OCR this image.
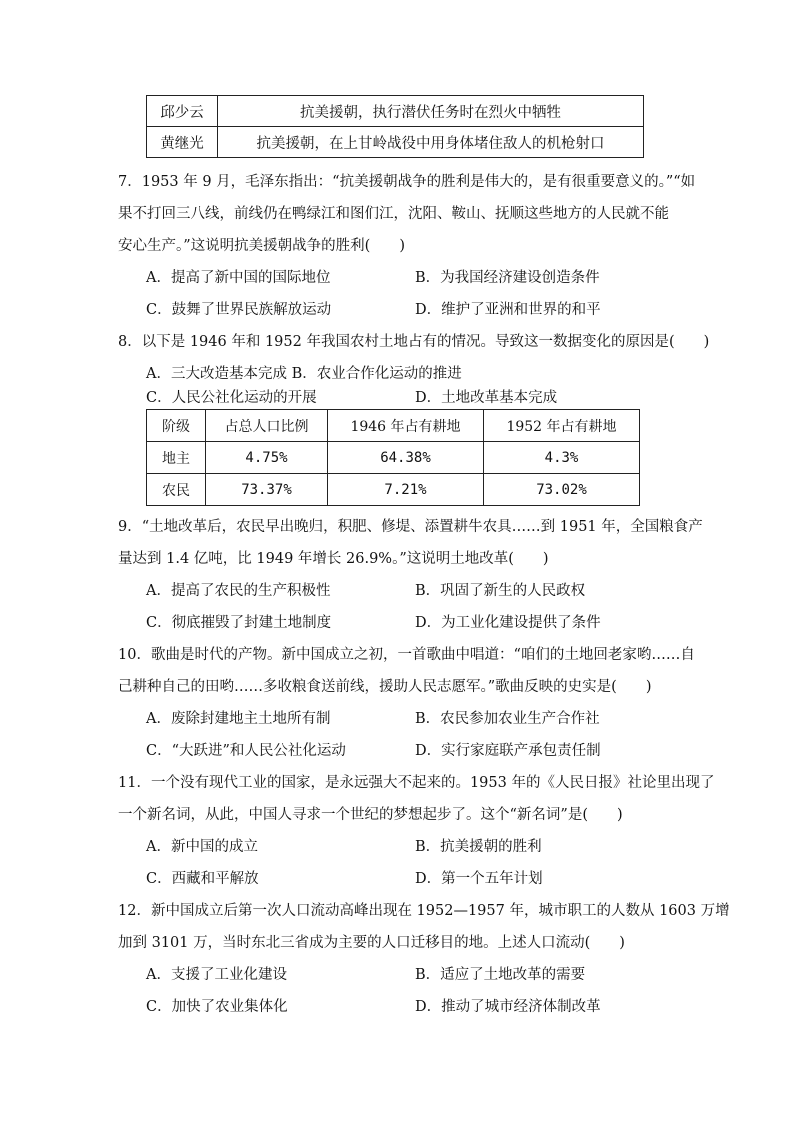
邱少云	抗美援朝，执行潜伏任务时在烈火中牺牲
黄继光	抗美援朝，在上甘岭战役中用身体堵住敌人的机枪射口
7．1953 年 9 月，毛泽东指出：“抗美援朝战争的胜利是伟大的，是有很重要意义的。”“如
果不打回三八线，前线仍在鸭绿江和图们江，沈阳、鞍山、抚顺这些地方的人民就不能
安心生产。”这说明抗美援朝战争的胜利(　　)
A．提高了新中国的国际地位	B．为我国经济建设创造条件
C．鼓舞了世界民族解放运动	D．维护了亚洲和世界的和平
8．以下是 1946 年和 1952 年我国农村土地占有的情况。导致这一数据变化的原因是(　　)
A．三大改造基本完成 B．农业合作化运动的推进
C．人民公社化运动的开展	D．土地改革基本完成
阶级	占总人口比例	1946 年占有耕地	1952 年占有耕地
地主	4.75%	64.38%	4.3%
农民	73.37%	7.21%	73.02%
9．“土地改革后，农民早出晚归，积肥、修堤、添置耕牛农具……到 1951 年，全国粮食产
量达到 1.4 亿吨，比 1949 年增长 26.9%。”这说明土地改革(　　)
A．提高了农民的生产积极性	B．巩固了新生的人民政权
C．彻底摧毁了封建土地制度	D．为工业化建设提供了条件
10．歌曲是时代的产物。新中国成立之初，一首歌曲中唱道：“咱们的土地回老家哟……自
己耕种自己的田哟……多收粮食送前线，援助人民志愿军。”歌曲反映的史实是(　　)
A．废除封建地主土地所有制	B．农民参加农业生产合作社
C．“大跃进”和人民公社化运动	D．实行家庭联产承包责任制
11．一个没有现代工业的国家，是永远强大不起来的。1953 年的《人民日报》社论里出现了
一个新名词，从此，中国人寻求一个世纪的梦想起步了。这个“新名词”是(　　)
A．新中国的成立	B．抗美援朝的胜利
C．西藏和平解放	D．第一个五年计划
12．新中国成立后第一次人口流动高峰出现在 1952—1957 年，城市职工的人数从 1603 万增
加到 3101 万，当时东北三省成为主要的人口迁移目的地。上述人口流动(　　)
A．支援了工业化建设	B．适应了土地改革的需要
C．加快了农业集体化	D．推动了城市经济体制改革
